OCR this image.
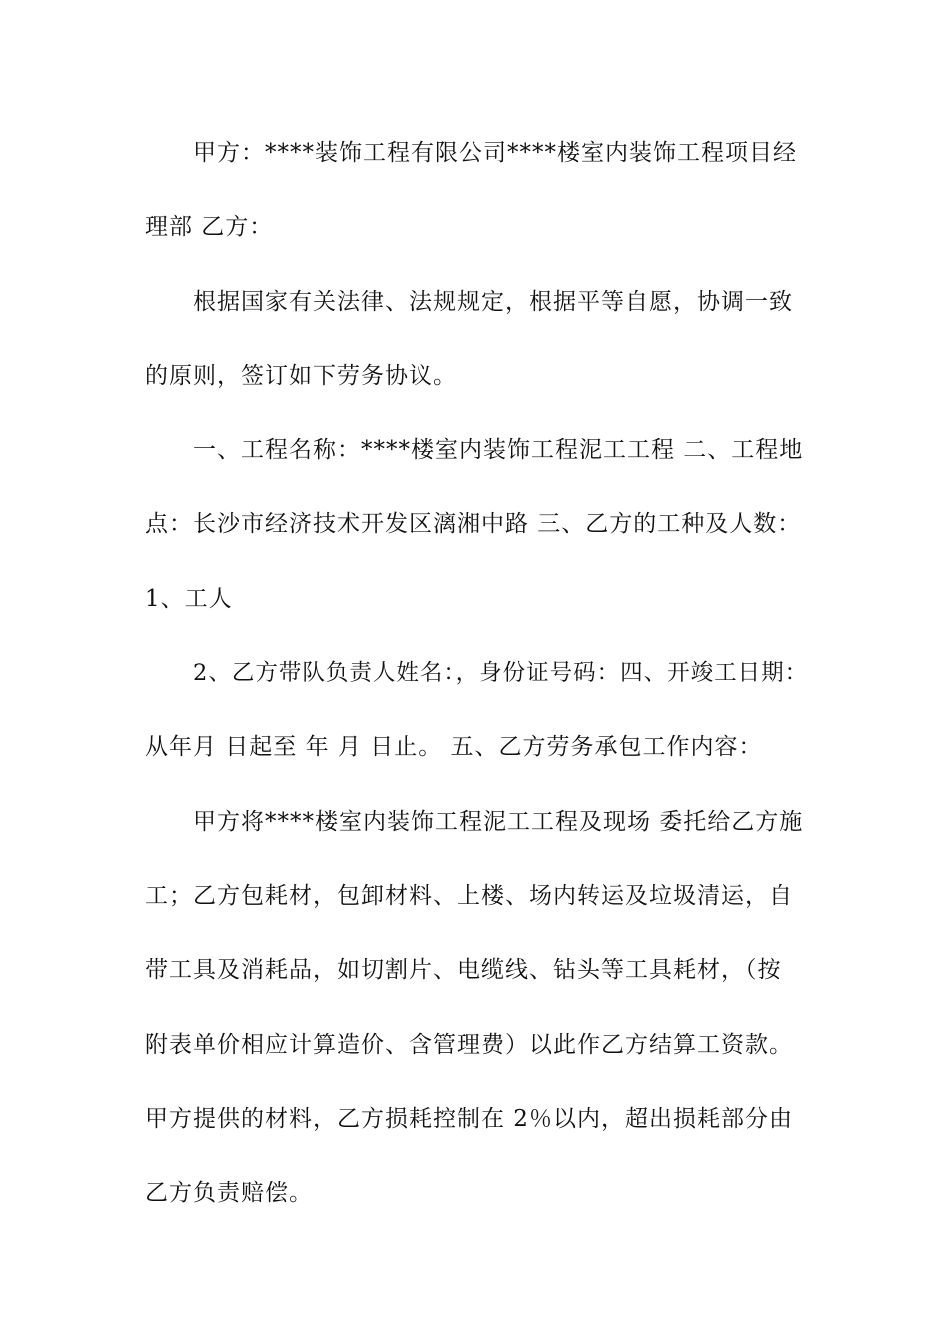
甲方：****装饰工程有限公司****楼室内装饰工程项目经
理部 乙方：
根据国家有关法律、法规规定，根据平等自愿，协调一致
的原则，签订如下劳务协议。
一、工程名称：****楼室内装饰工程泥工工程 二、工程地
点：长沙市经济技术开发区漓湘中路 三、乙方的工种及人数：
1、工人
2、乙方带队负责人姓名：，身份证号码：四、开竣工日期：
从年月 日起至 年 月 日止。 五、乙方劳务承包工作内容：
甲方将****楼室内装饰工程泥工工程及现场 委托给乙方施
工；乙方包耗材，包卸材料、上楼、场内转运及垃圾清运，自
带工具及消耗品，如切割片、电缆线、钻头等工具耗材，（按
附表单价相应计算造价、含管理费）以此作乙方结算工资款。
甲方提供的材料，乙方损耗控制在 2％以内，超出损耗部分由
乙方负责赔偿。
